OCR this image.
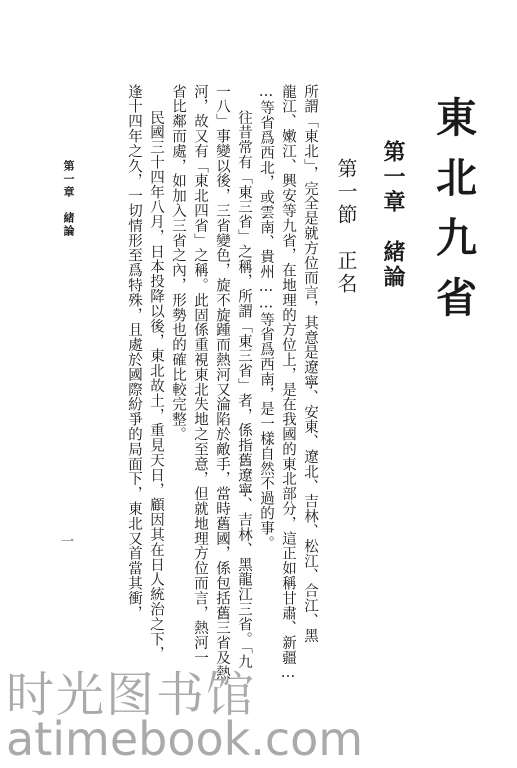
東北九省
第一章　緒論
第一節　正名
所謂「東北」，完全是就方位而言，其意是遼寧、安東、遼北、吉林、松江、合江、黑
龍江、嫩江、興安等九省，在地理的方位上，是在我國的東北部分，這正如稱甘肅、新疆…
…等省爲西北，或雲南、貴州……等省爲西南，是一樣自然不過的事。
往昔常有「東三省」之稱，所謂「東三省」者，係指舊遼寧、吉林、黑龍江三省。「九
一八」事變以後，三省變色，旋不旋踵而熱河又淪陷於敵手，當時舊國，係包括舊三省及熱
河，故又有「東北四省」之稱。此固係重視東北失地之至意，但就地理方位而言，熱河一
省比鄰而處，如加入三省之內，形勢也的確比較完整。
民國三十四年八月，日本投降以後，東北故土，重見天日，顧因其在日人統治之下，
逢十四年之久，一切情形至爲特殊，且處於國際紛爭的局面下，東北又首當其衝，
第一章　緒論
一
时光图书馆
atimebook.com
